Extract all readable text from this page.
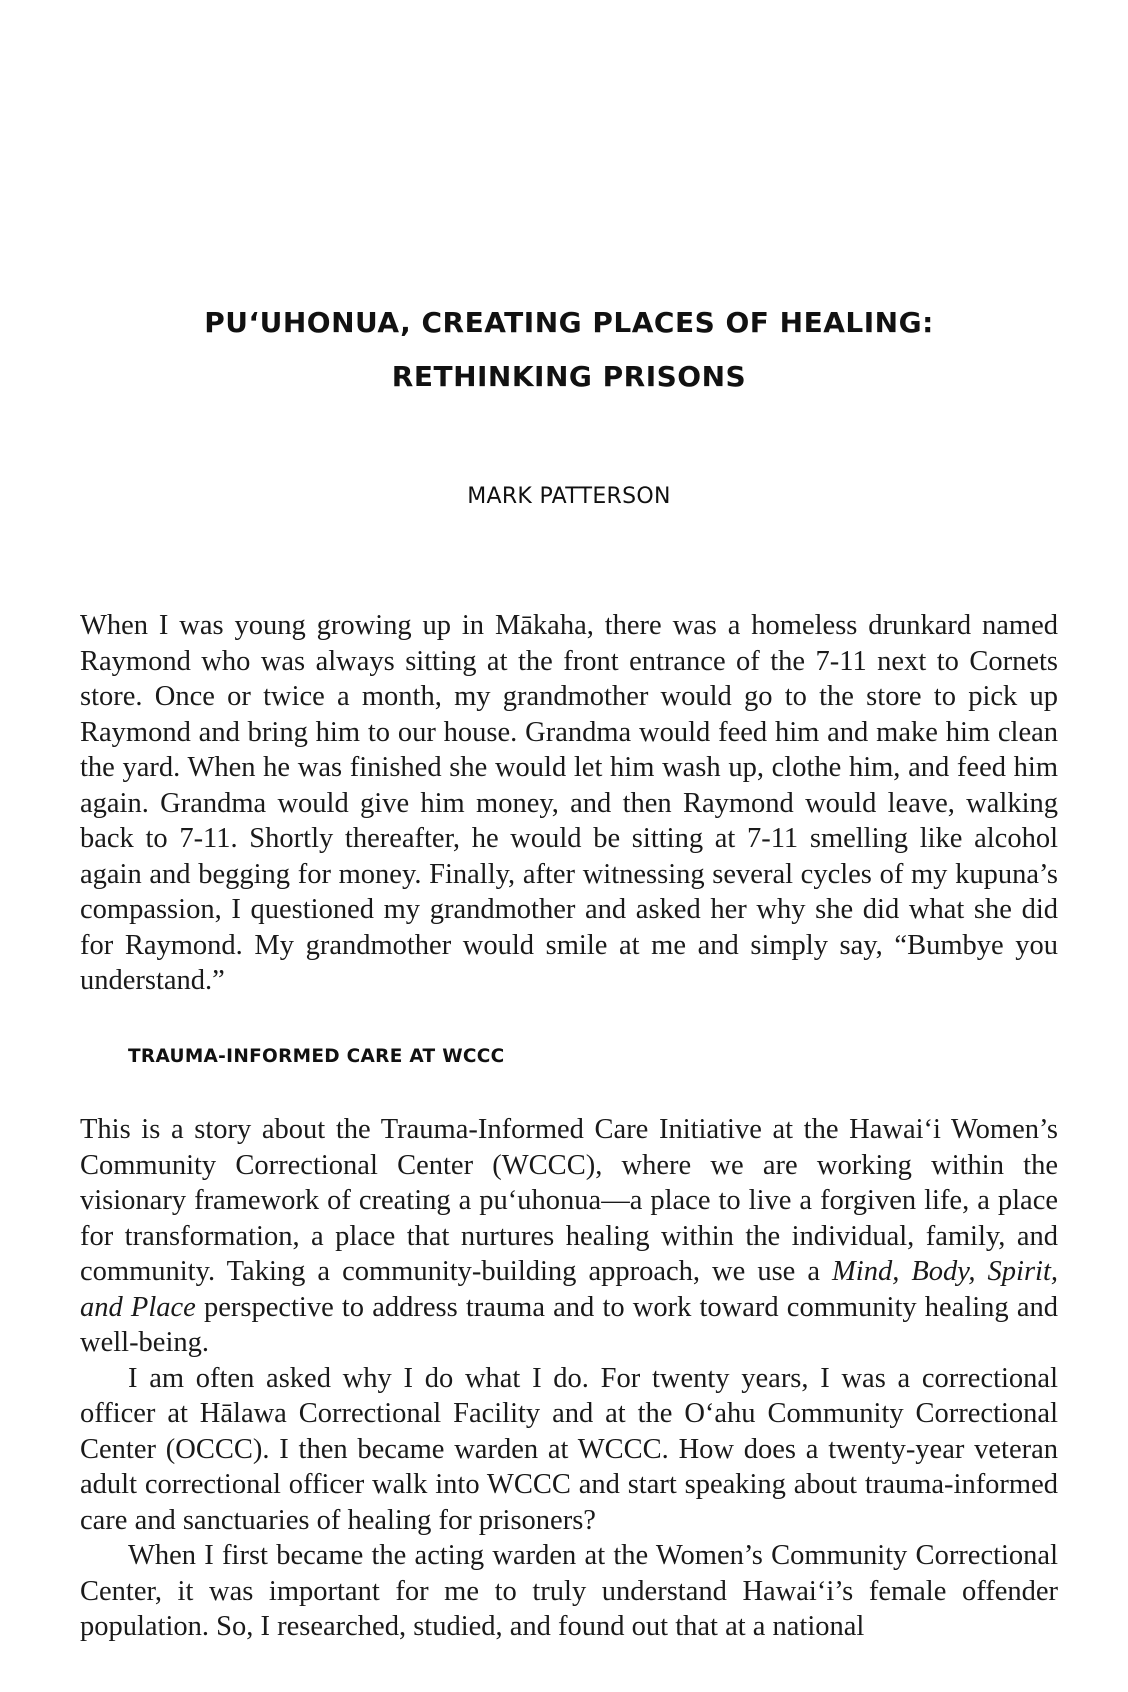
PU‘UHONUA, CREATING PLACES OF HEALING:
RETHINKING PRISONS
MARK PATTERSON

When I was young growing up in Mākaha, there was a homeless drunkard named Raymond who was always sitting at the front entrance of the 7-11 next to Cornets store. Once or twice a month, my grandmother would go to the store to pick up Raymond and bring him to our house. Grandma would feed him and make him clean the yard. When he was finished she would let him wash up, clothe him, and feed him again. Grandma would give him money, and then Raymond would leave, walking back to 7-11. Shortly thereafter, he would be sitting at 7-11 smelling like alcohol again and begging for money. Finally, after witnessing several cycles of my kupuna’s compassion, I questioned my grandmother and asked her why she did what she did for Raymond. My grandmother would smile at me and simply say, “Bumbye you understand.”

TRAUMA-INFORMED CARE AT WCCC

This is a story about the Trauma-Informed Care Initiative at the Hawai‘i Women’s Community Correctional Center (WCCC), where we are working within the visionary framework of creating a pu‘uhonua—a place to live a forgiven life, a place for transformation, a place that nurtures healing within the individual, family, and community. Taking a community-building approach, we use a Mind, Body, Spirit, and Place perspective to address trauma and to work toward community healing and well-being.

I am often asked why I do what I do. For twenty years, I was a correctional officer at Hālawa Correctional Facility and at the O‘ahu Community Correctional Center (OCCC). I then became warden at WCCC. How does a twenty-year veteran adult correctional officer walk into WCCC and start speaking about trauma-informed care and sanctuaries of healing for prisoners?

When I first became the acting warden at the Women’s Community Correctional Center, it was important for me to truly understand Hawai‘i’s female offender population. So, I researched, studied, and found out that at a national
